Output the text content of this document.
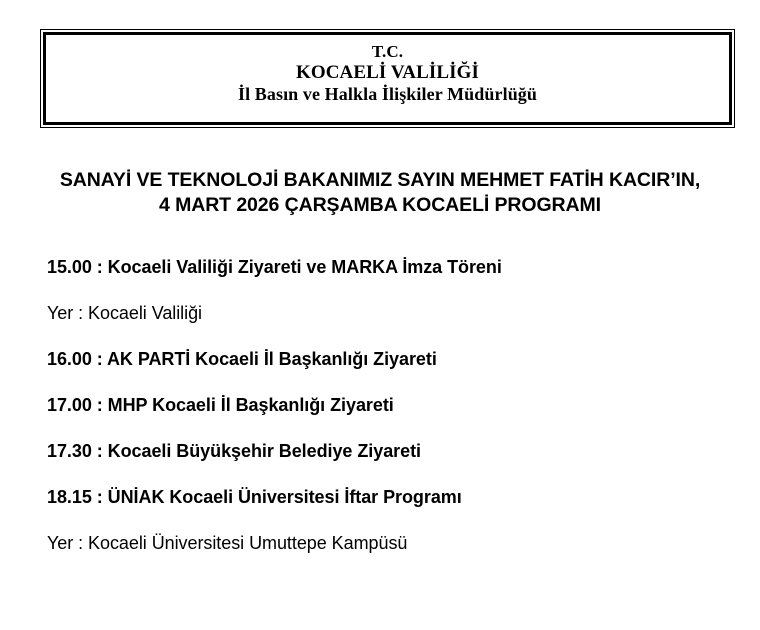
T.C.
KOCAELİ VALİLİĞİ
İl Basın ve Halkla İlişkiler Müdürlüğü
SANAYİ VE TEKNOLOJİ BAKANIMIZ SAYIN MEHMET FATİH KACIR’IN,
4 MART 2026 ÇARŞAMBA KOCAELİ PROGRAMI
15.00 : Kocaeli Valiliği Ziyareti ve MARKA İmza Töreni
Yer : Kocaeli Valiliği
16.00 : AK PARTİ Kocaeli İl Başkanlığı Ziyareti
17.00 : MHP Kocaeli İl Başkanlığı Ziyareti
17.30 : Kocaeli Büyükşehir Belediye Ziyareti
18.15 : ÜNİAK Kocaeli Üniversitesi İftar Programı
Yer : Kocaeli Üniversitesi Umuttepe Kampüsü
